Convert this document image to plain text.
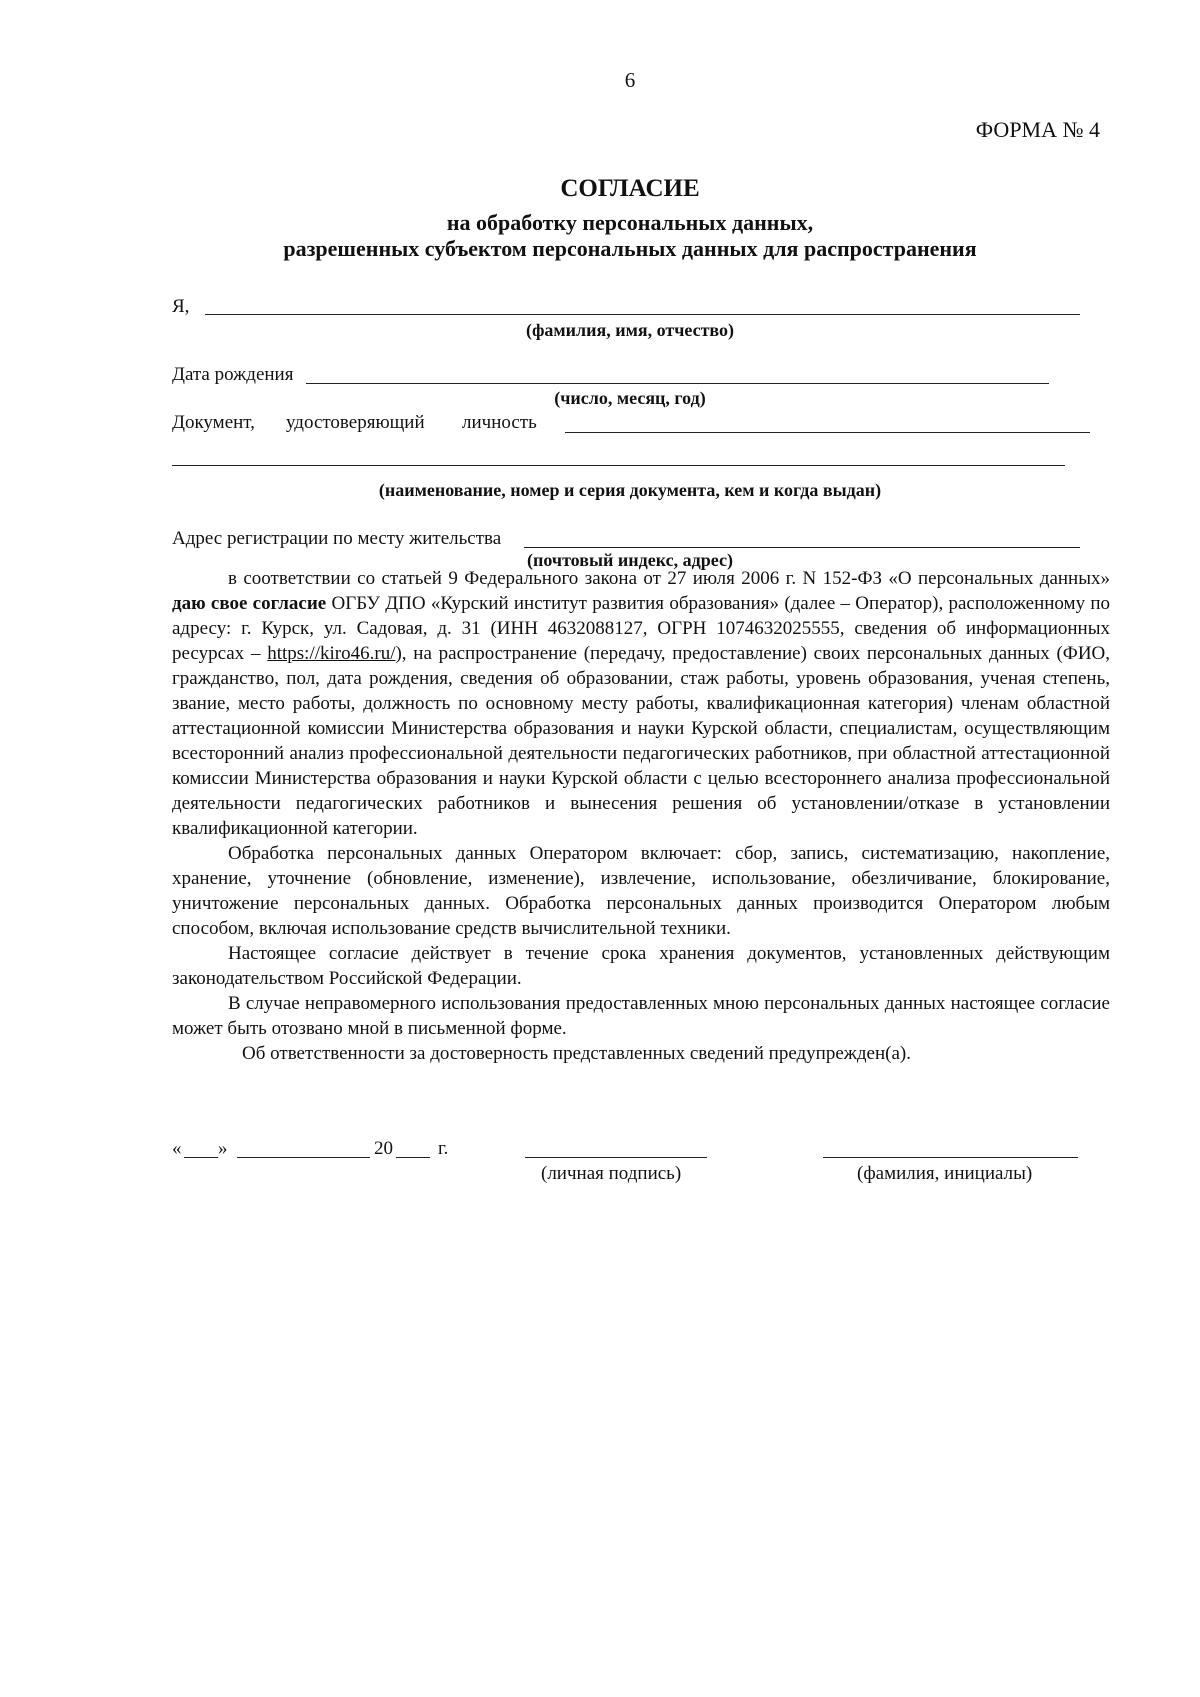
6
ФОРМА № 4
СОГЛАСИЕ
на обработку персональных данных,
разрешенных субъектом персональных данных для распространения
Я,
(фамилия, имя, отчество)
Дата рождения
(число, месяц, год)
Документ, удостоверяющий личность
(наименование, номер и серия документа, кем и когда выдан)
Адрес регистрации по месту жительства
(почтовый индекс, адрес)

в соответствии со статьей 9 Федерального закона от 27 июля 2006 г. N 152-ФЗ «О персональных данных» даю свое согласие ОГБУ ДПО «Курский институт развития образования» (далее – Оператор), расположенному по адресу: г. Курск, ул. Садовая, д. 31 (ИНН 4632088127, ОГРН 1074632025555, сведения об информационных ресурсах – https://kiro46.ru/), на распространение (передачу, предоставление) своих персональных данных (ФИО, гражданство, пол, дата рождения, сведения об образовании, стаж работы, уровень образования, ученая степень, звание, место работы, должность по основному месту работы, квалификационная категория) членам областной аттестационной комиссии Министерства образования и науки Курской области, специалистам, осуществляющим всесторонний анализ профессиональной деятельности педагогических работников, при областной аттестационной комиссии Министерства образования и науки Курской области с целью всестороннего анализа профессиональной деятельности педагогических работников и вынесения решения об установлении/отказе в установлении квалификационной категории.

Обработка персональных данных Оператором включает: сбор, запись, систематизацию, накопление, хранение, уточнение (обновление, изменение), извлечение, использование, обезличивание, блокирование, уничтожение персональных данных. Обработка персональных данных производится Оператором любым способом, включая использование средств вычислительной техники.

Настоящее согласие действует в течение срока хранения документов, установленных действующим законодательством Российской Федерации.

В случае неправомерного использования предоставленных мною персональных данных настоящее согласие может быть отозвано мной в письменной форме.

Об ответственности за достоверность представленных сведений предупрежден(а).

« »	20 г.
(личная подпись)	(фамилия, инициалы)
